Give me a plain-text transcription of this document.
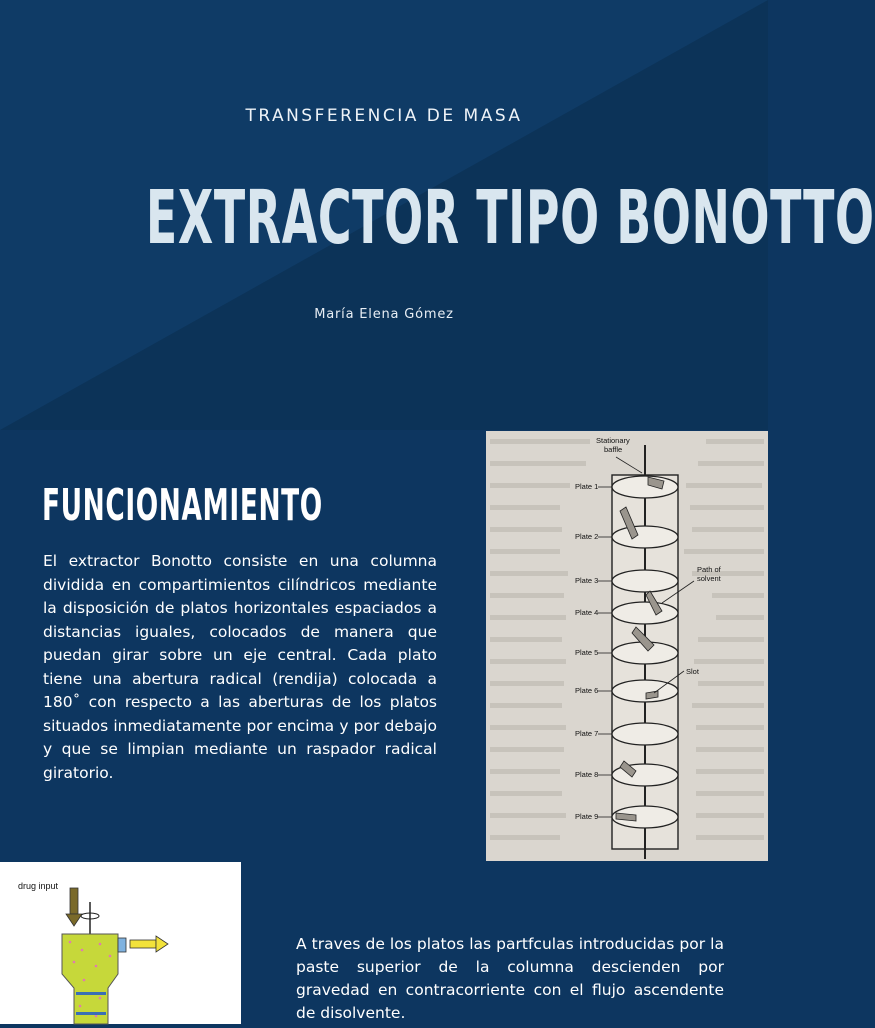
TRANSFERENCIA DE MASA
EXTRACTOR TIPO BONOTTO
María Elena Gómez
FUNCIONAMIENTO

El extractor Bonotto consiste en una columna dividida en compartimientos cilíndricos mediante la disposición de platos horizontales espaciados a distancias iguales, colocados de manera que puedan girar sobre un eje central. Cada plato tiene una abertura radical (rendija) colocada a 180˚ con respecto a las aberturas de los platos situados inmediatamente por encima y por debajo y que se limpian mediante un raspador radical giratorio.

Stationary
baffle
Path of
solvent
Slot
Plate 1
Plate 2
Plate 3
Plate 4
Plate 5
Plate 6
Plate 7
Plate 8
Plate 9
drug input

A traves de los platos las partfculas introducidas por la paste superior de la columna descienden por gravedad en contracorriente con el flujo ascendente de disolvente.
